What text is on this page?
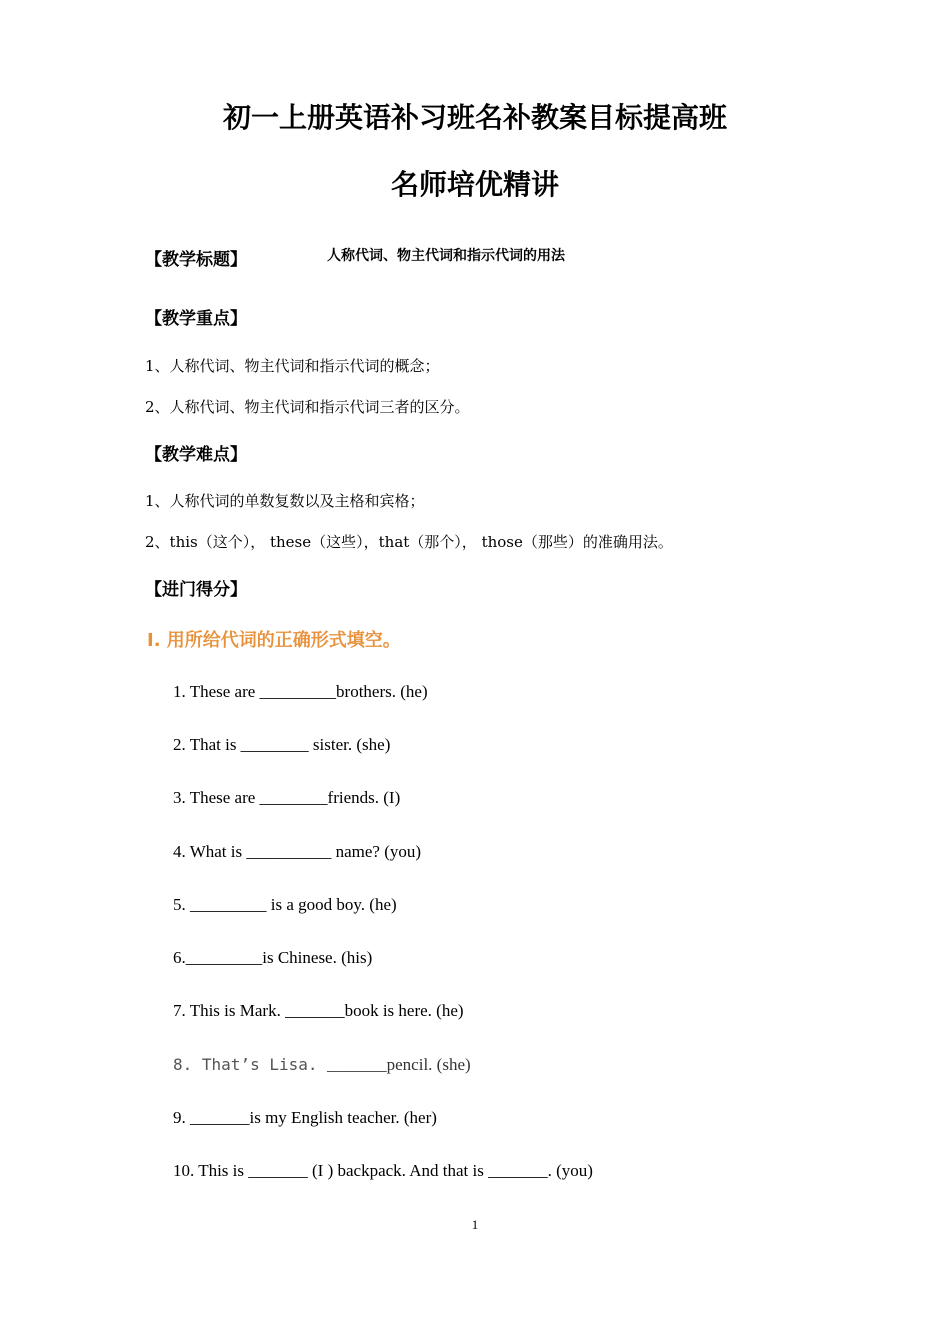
初一上册英语补习班名补教案目标提高班
名师培优精讲
【教学标题】	人称代词、物主代词和指示代词的用法
【教学重点】
1、人称代词、物主代词和指示代词的概念；
2、人称代词、物主代词和指示代词三者的区分。
【教学难点】
1、人称代词的单数复数以及主格和宾格；
2、this（这个）， these（这些），that（那个）， those（那些）的准确用法。
【进门得分】
Ⅰ. 用所给代词的正确形式填空。
1. These are _________brothers. (he)
2. That is ________ sister. (she)
3. These are ________friends. (I)
4. What is __________ name? (you)
5. _________ is a good boy. (he)
6._________is Chinese. (his)
7. This is Mark. _______book is here. (he)
8. That’s Lisa. _______pencil. (she)
9. _______is my English teacher. (her)
10. This is _______ (I ) backpack. And that is _______. (you)
1
